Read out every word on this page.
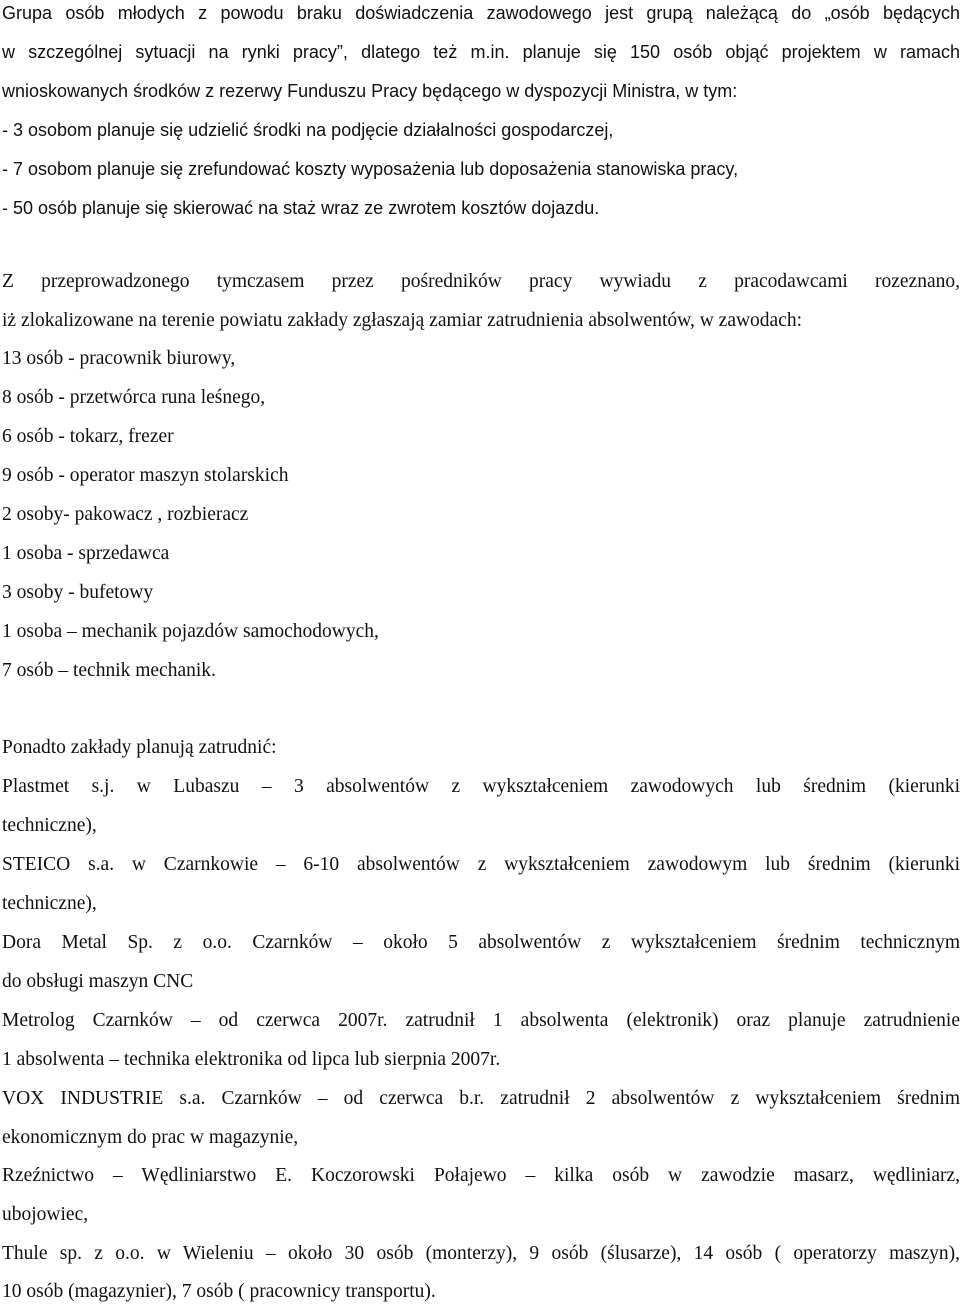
Grupa osób młodych z powodu braku doświadczenia zawodowego jest grupą należącą do „osób będących
w szczególnej sytuacji na rynki pracy”, dlatego też m.in. planuje się 150 osób objąć projektem w ramach
wnioskowanych środków z rezerwy Funduszu Pracy będącego w dyspozycji Ministra, w tym:
- 3 osobom planuje się udzielić środki na podjęcie działalności gospodarczej,
- 7 osobom planuje się zrefundować koszty wyposażenia lub doposażenia stanowiska pracy,
- 50 osób planuje się skierować na staż wraz ze zwrotem kosztów dojazdu.
Z przeprowadzonego tymczasem przez pośredników pracy wywiadu z pracodawcami rozeznano,
iż zlokalizowane na terenie powiatu zakłady zgłaszają zamiar zatrudnienia absolwentów, w zawodach:
13 osób - pracownik biurowy,
8 osób - przetwórca runa leśnego,
6 osób - tokarz, frezer
9 osób - operator maszyn stolarskich
2 osoby- pakowacz , rozbieracz
1 osoba - sprzedawca
3 osoby - bufetowy
1 osoba – mechanik pojazdów samochodowych,
7 osób – technik mechanik.
Ponadto zakłady planują zatrudnić:
Plastmet s.j. w Lubaszu – 3 absolwentów z wykształceniem zawodowych lub średnim (kierunki
techniczne),
STEICO s.a. w Czarnkowie – 6-10 absolwentów z wykształceniem zawodowym lub średnim (kierunki
techniczne),
Dora Metal Sp. z o.o. Czarnków – około 5 absolwentów z wykształceniem średnim technicznym
do obsługi maszyn CNC
Metrolog Czarnków – od czerwca 2007r. zatrudnił 1 absolwenta (elektronik) oraz planuje zatrudnienie
1 absolwenta – technika elektronika od lipca lub sierpnia 2007r.
VOX INDUSTRIE s.a. Czarnków – od czerwca b.r. zatrudnił 2 absolwentów z wykształceniem średnim
ekonomicznym do prac w magazynie,
Rzeźnictwo – Wędliniarstwo E. Koczorowski Połajewo – kilka osób w zawodzie masarz, wędliniarz,
ubojowiec,
Thule sp. z o.o. w Wieleniu – około 30 osób (monterzy), 9 osób (ślusarze), 14 osób ( operatorzy maszyn),
10 osób (magazynier), 7 osób ( pracownicy transportu).
